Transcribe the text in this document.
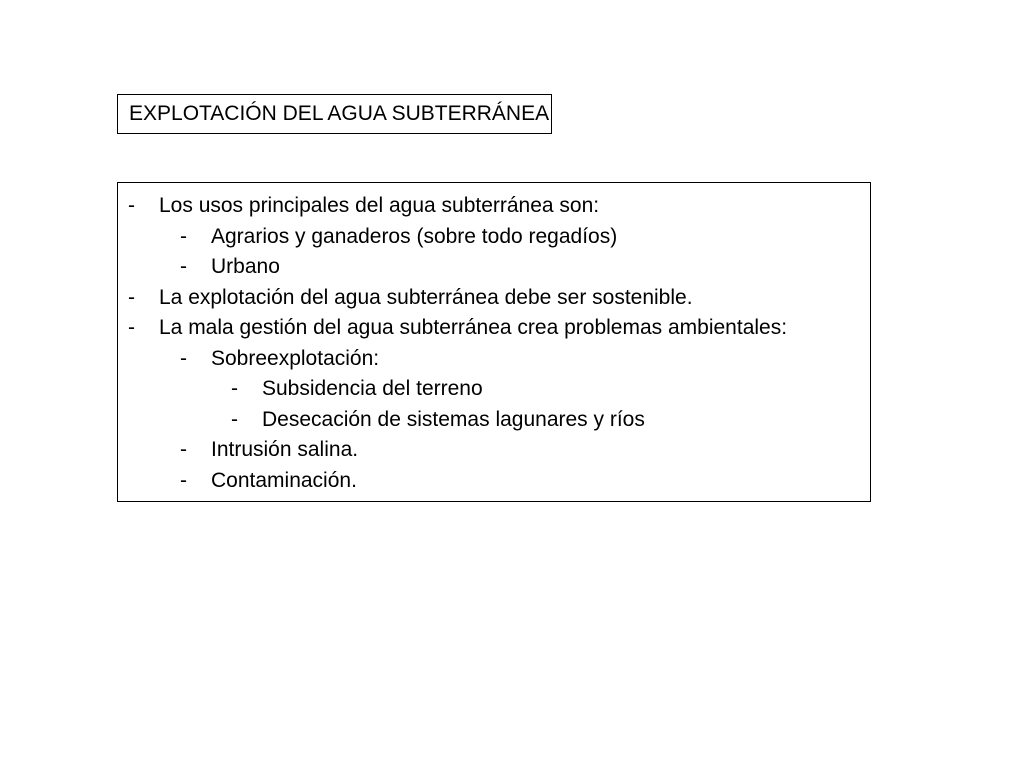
EXPLOTACIÓN DEL AGUA SUBTERRÁNEA
- Los usos principales del agua subterránea son:
- Agrarios y ganaderos (sobre todo regadíos)
- Urbano
- La explotación del agua subterránea debe ser sostenible.
- La mala gestión del agua subterránea crea problemas ambientales:
- Sobreexplotación:
- Subsidencia del terreno
- Desecación de sistemas lagunares y ríos
- Intrusión salina.
- Contaminación.
